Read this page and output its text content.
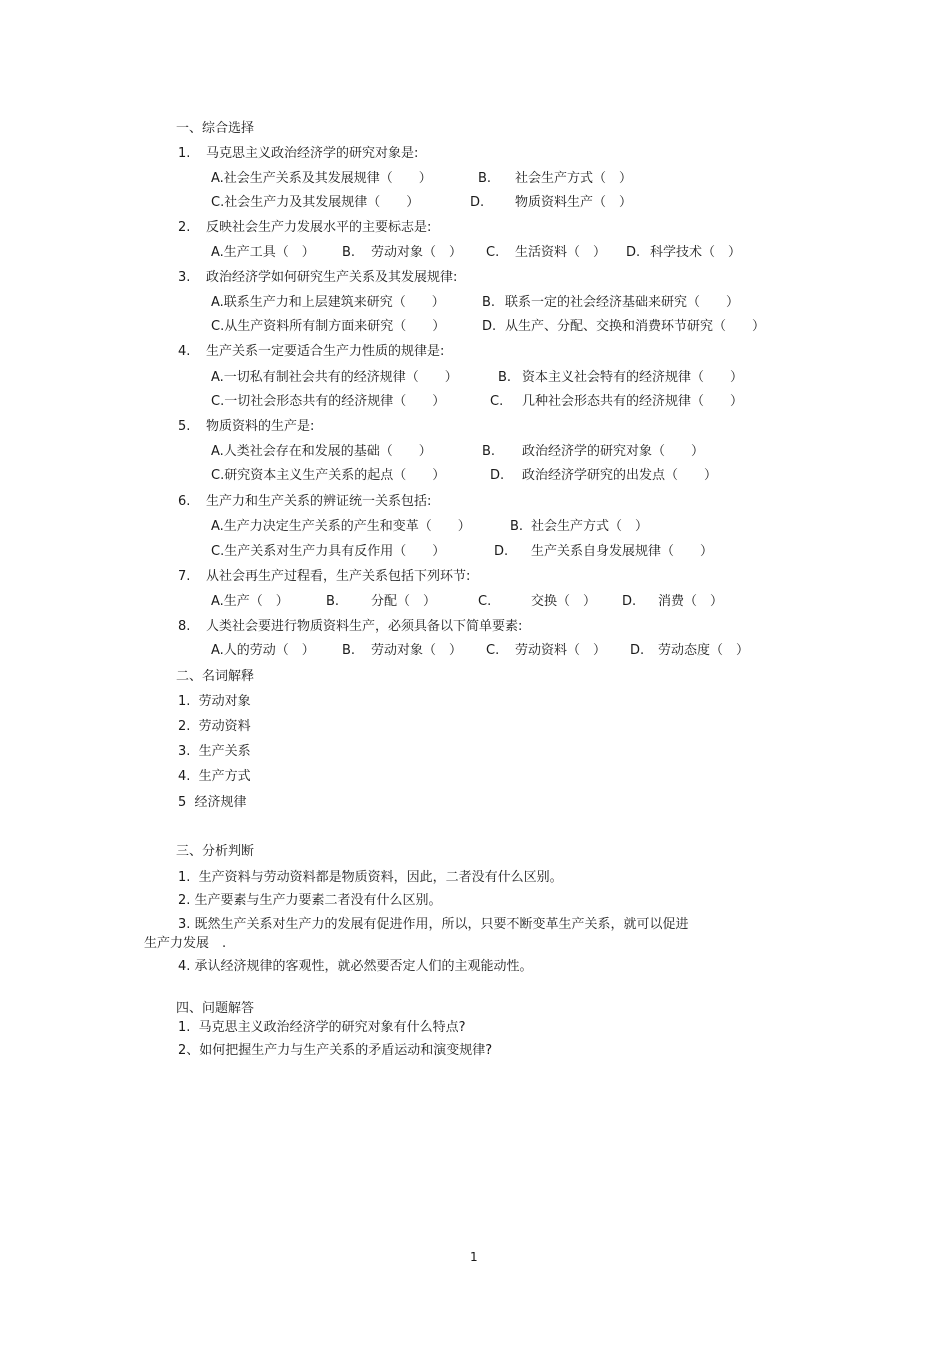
一、综合选择
1. 马克思主义政治经济学的研究对象是:
A.社会生产关系及其发展规律（　　）	B. 社会生产方式（　）
C.社会生产力及其发展规律（　　）	D. 物质资料生产（　）
2. 反映社会生产力发展水平的主要标志是:
A.生产工具（　） B. 劳动对象（　） C. 生活资料（　） D. 科学技术（　）
3. 政治经济学如何研究生产关系及其发展规律:
A.联系生产力和上层建筑来研究（　　）	B. 联系一定的社会经济基础来研究（　　）
C.从生产资料所有制方面来研究（　　）	D. 从生产、分配、交换和消费环节研究（　　）
4. 生产关系一定要适合生产力性质的规律是:
A.一切私有制社会共有的经济规律（　　）	B. 资本主义社会特有的经济规律（　　）
C.一切社会形态共有的经济规律（　　）	C. 几种社会形态共有的经济规律（　　）
5. 物质资料的生产是:
A.人类社会存在和发展的基础（　　）	B. 政治经济学的研究对象（　　）
C.研究资本主义生产关系的起点（　　）	D. 政治经济学研究的出发点（　　）
6. 生产力和生产关系的辨证统一关系包括:
A.生产力决定生产关系的产生和变革（　　）	B. 社会生产方式（　）
C.生产关系对生产力具有反作用（　　）	D. 生产关系自身发展规律（　　）
7. 从社会再生产过程看，生产关系包括下列环节:
A.生产（　）	B. 分配（　）	C.	交换（　） D. 消费（　）
8. 人类社会要进行物质资料生产，必须具备以下简单要素:
A.人的劳动（　） B. 劳动对象（　） C. 劳动资料（　） D. 劳动态度（　）
二、名词解释
1.  劳动对象
2.  劳动资料
3.  生产关系
4.  生产方式
5  经济规律
三、分析判断
1.  生产资料与劳动资料都是物质资料，因此，二者没有什么区别。
2. 生产要素与生产力要素二者没有什么区别。
3. 既然生产关系对生产力的发展有促进作用，所以，只要不断变革生产关系，就可以促进
生产力发展　.
4. 承认经济规律的客观性，就必然要否定人们的主观能动性。
四、问题解答
1.  马克思主义政治经济学的研究对象有什么特点?
2、如何把握生产力与生产关系的矛盾运动和演变规律?
1
